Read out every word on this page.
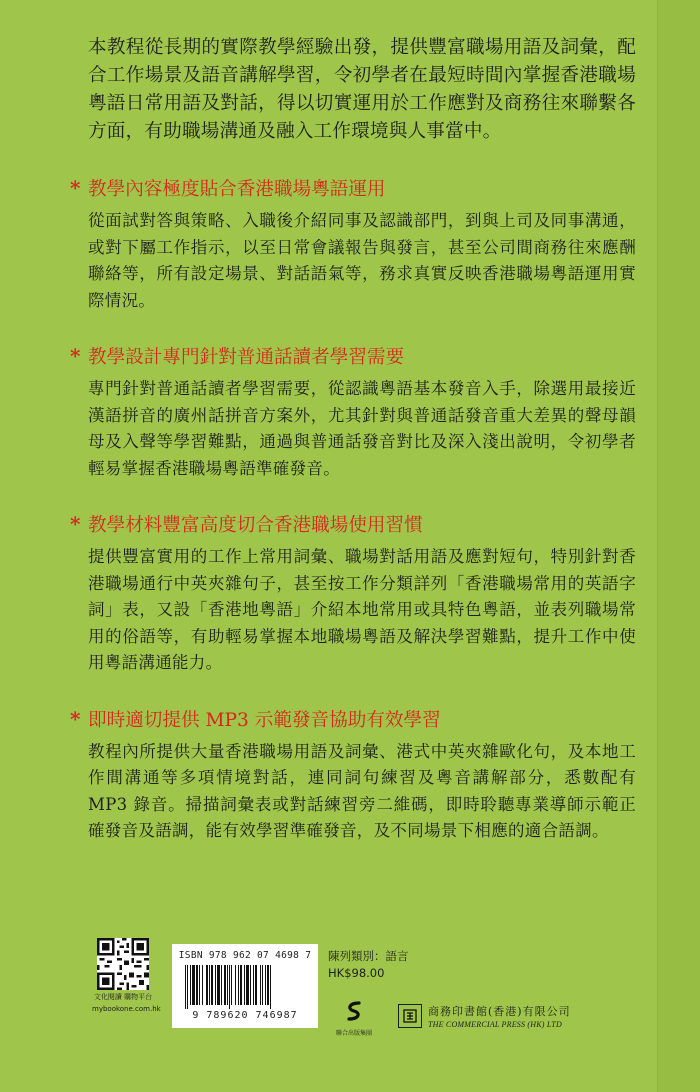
本教程從長期的實際教學經驗出發，提供豐富職場用語及詞彙，配合工作場景及語音講解學習，令初學者在最短時間內掌握香港職場粵語日常用語及對話，得以切實運用於工作應對及商務往來聯繫各方面，有助職場溝通及融入工作環境與人事當中。

* 教學內容極度貼合香港職場粵語運用

從面試對答與策略、入職後介紹同事及認識部門，到與上司及同事溝通，或對下屬工作指示，以至日常會議報告與發言，甚至公司間商務往來應酬聯絡等，所有設定場景、對話語氣等，務求真實反映香港職場粵語運用實際情況。

* 教學設計專門針對普通話讀者學習需要

專門針對普通話讀者學習需要，從認識粵語基本發音入手，除選用最接近漢語拼音的廣州話拼音方案外，尤其針對與普通話發音重大差異的聲母韻母及入聲等學習難點，通過與普通話發音對比及深入淺出說明，令初學者輕易掌握香港職場粵語準確發音。

* 教學材料豐富高度切合香港職場使用習慣

提供豐富實用的工作上常用詞彙、職場對話用語及應對短句，特別針對香港職場通行中英夾雜句子，甚至按工作分類詳列「香港職場常用的英語字詞」表，又設「香港地粵語」介紹本地常用或具特色粵語，並表列職場常用的俗語等，有助輕易掌握本地職場粵語及解決學習難點，提升工作中使用粵語溝通能力。

* 即時適切提供 MP3 示範發音協助有效學習

教程內所提供大量香港職場用語及詞彙、港式中英夾雜歐化句，及本地工作間溝通等多項情境對話，連同詞句練習及粵音講解部分，悉數配有 MP3 錄音。掃描詞彙表或對話練習旁二維碼，即時聆聽專業導師示範正確發音及語調，能有效學習準確發音，及不同場景下相應的適合語調。

文化閱讀 購物平台
mybookone.com.hk
ISBN 978 962 07 4698 7
9 789620 746987
陳列類別：語言
HK$98.00
聯合出版集團
商務印書館(香港)有限公司
THE COMMERCIAL PRESS (HK) LTD
